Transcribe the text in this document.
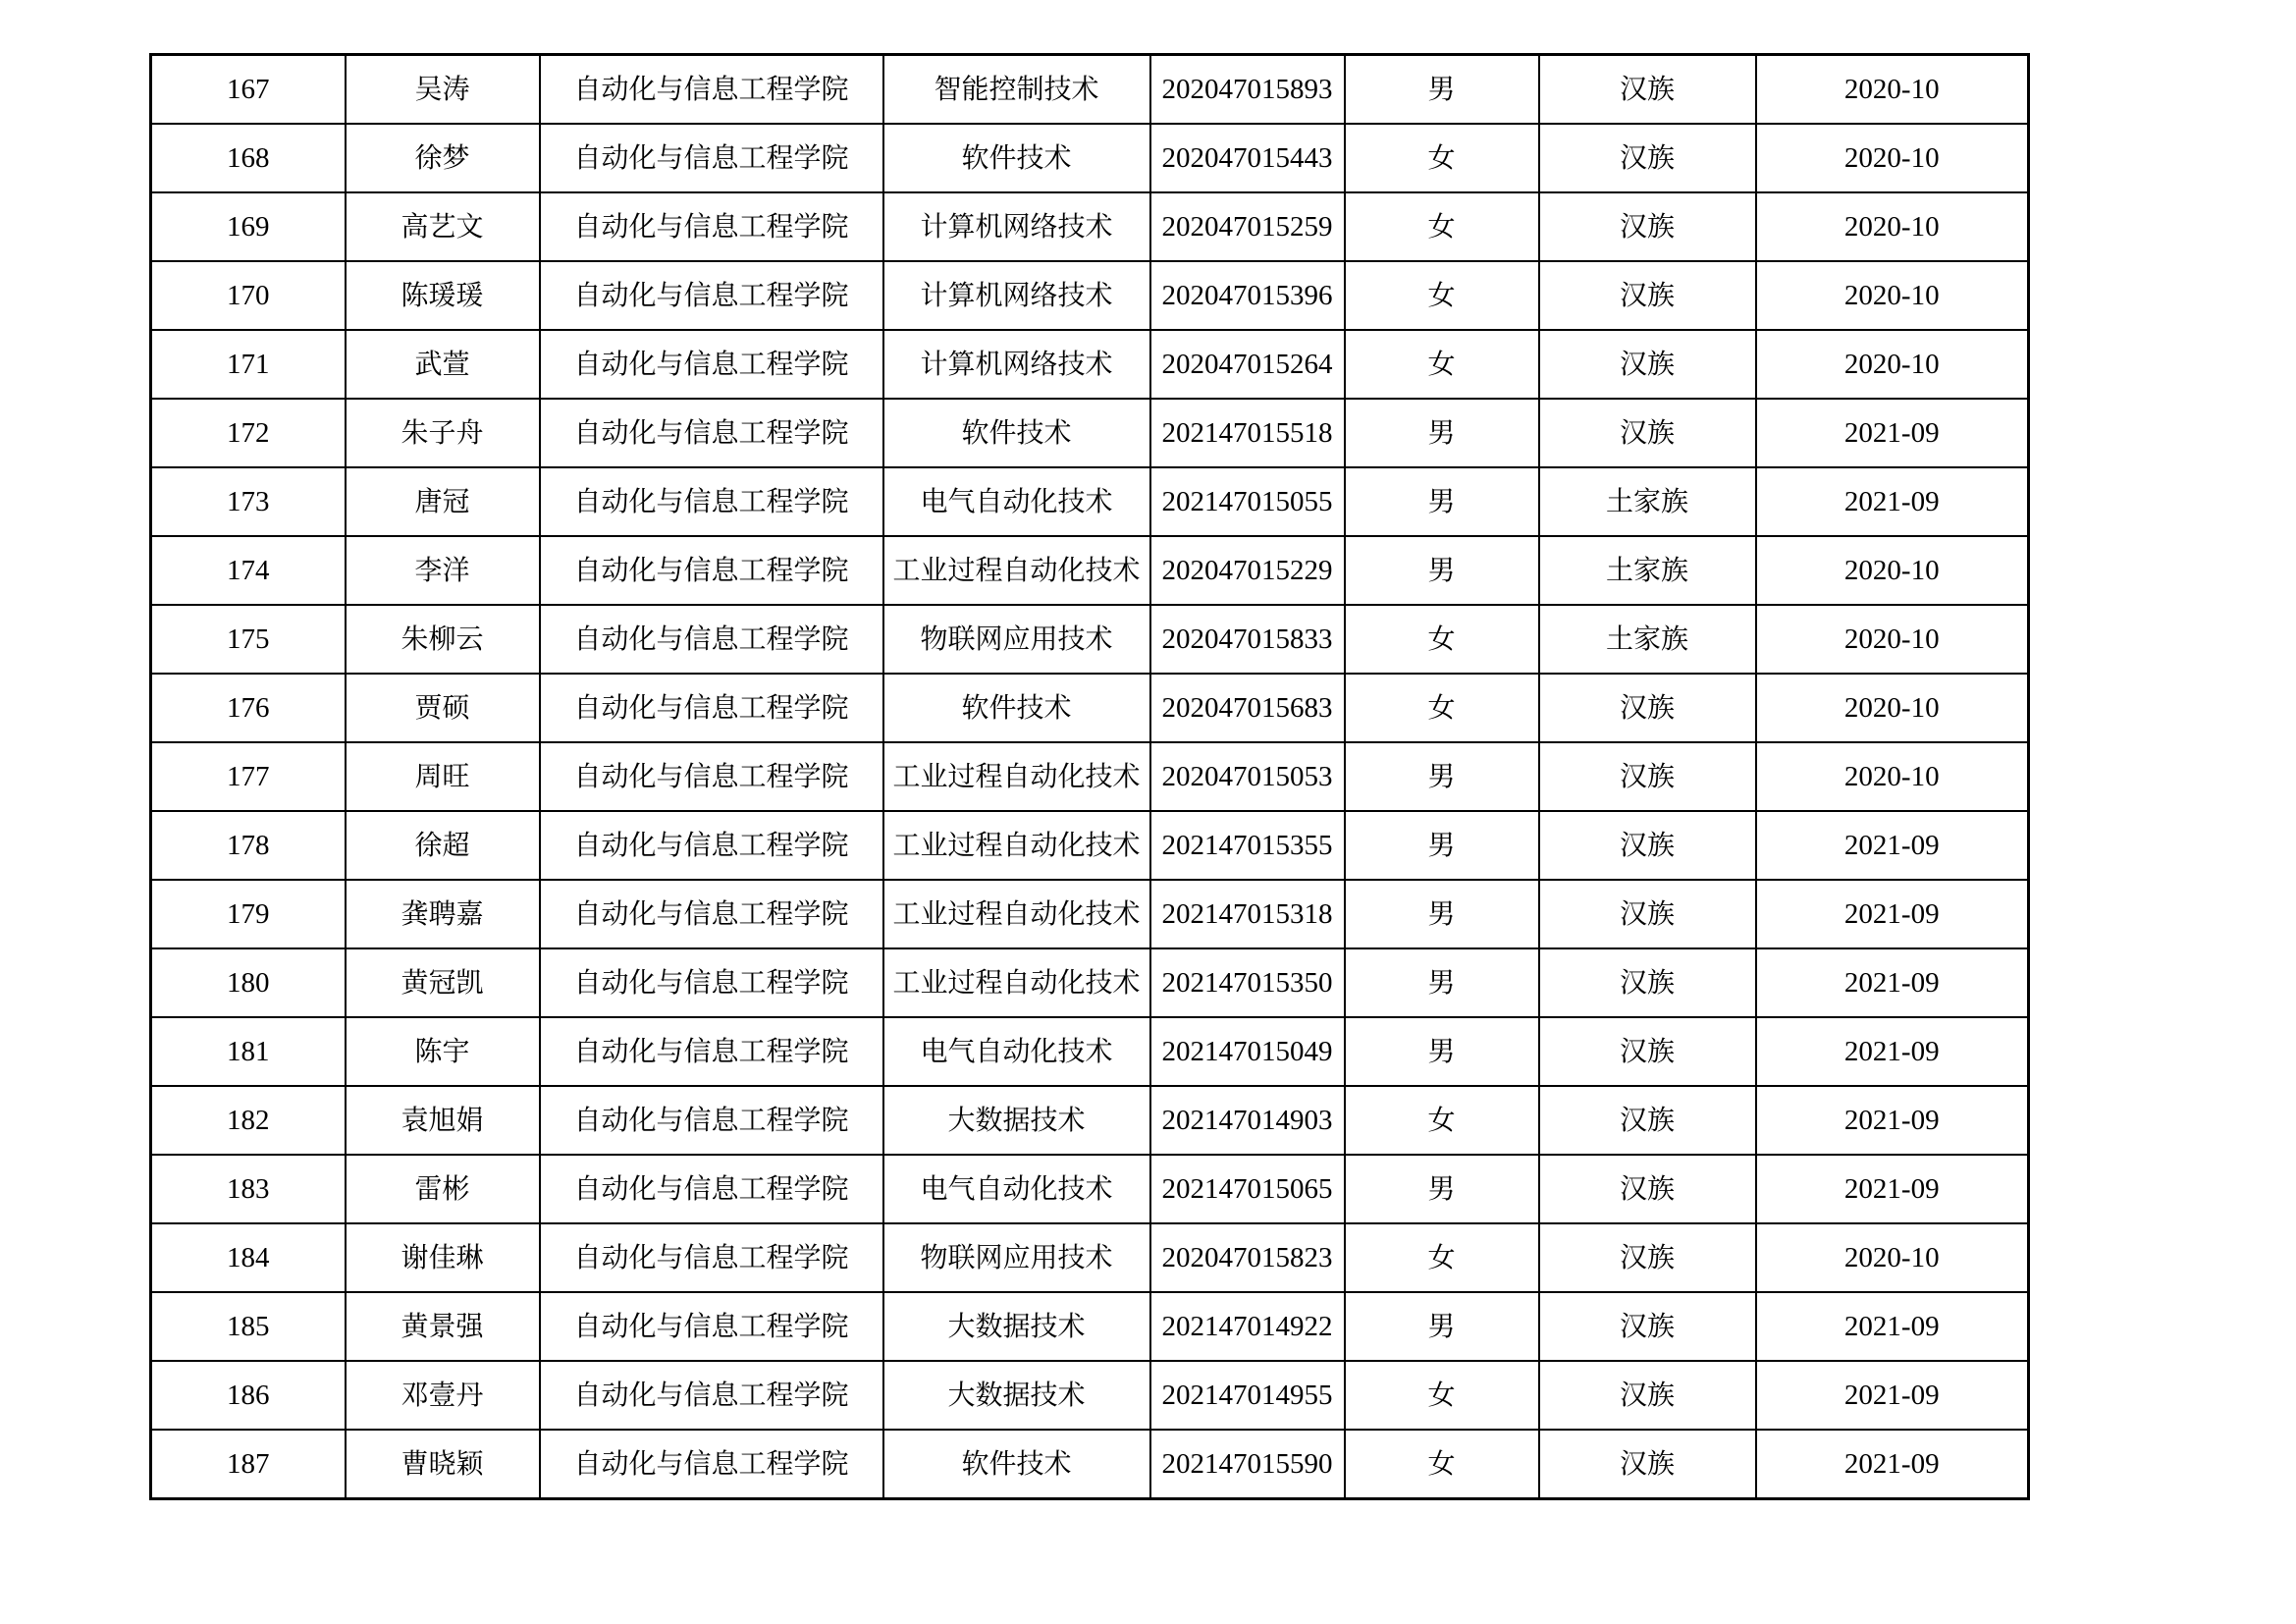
167	吴涛	自动化与信息工程学院	智能控制技术	202047015893	男	汉族	2020-10
168	徐梦	自动化与信息工程学院	软件技术	202047015443	女	汉族	2020-10
169	高艺文	自动化与信息工程学院	计算机网络技术	202047015259	女	汉族	2020-10
170	陈瑗瑗	自动化与信息工程学院	计算机网络技术	202047015396	女	汉族	2020-10
171	武萱	自动化与信息工程学院	计算机网络技术	202047015264	女	汉族	2020-10
172	朱子舟	自动化与信息工程学院	软件技术	202147015518	男	汉族	2021-09
173	唐冠	自动化与信息工程学院	电气自动化技术	202147015055	男	土家族	2021-09
174	李洋	自动化与信息工程学院	工业过程自动化技术	202047015229	男	土家族	2020-10
175	朱柳云	自动化与信息工程学院	物联网应用技术	202047015833	女	土家族	2020-10
176	贾硕	自动化与信息工程学院	软件技术	202047015683	女	汉族	2020-10
177	周旺	自动化与信息工程学院	工业过程自动化技术	202047015053	男	汉族	2020-10
178	徐超	自动化与信息工程学院	工业过程自动化技术	202147015355	男	汉族	2021-09
179	龚聘嘉	自动化与信息工程学院	工业过程自动化技术	202147015318	男	汉族	2021-09
180	黄冠凯	自动化与信息工程学院	工业过程自动化技术	202147015350	男	汉族	2021-09
181	陈宇	自动化与信息工程学院	电气自动化技术	202147015049	男	汉族	2021-09
182	袁旭娟	自动化与信息工程学院	大数据技术	202147014903	女	汉族	2021-09
183	雷彬	自动化与信息工程学院	电气自动化技术	202147015065	男	汉族	2021-09
184	谢佳琳	自动化与信息工程学院	物联网应用技术	202047015823	女	汉族	2020-10
185	黄景强	自动化与信息工程学院	大数据技术	202147014922	男	汉族	2021-09
186	邓壹丹	自动化与信息工程学院	大数据技术	202147014955	女	汉族	2021-09
187	曹晓颖	自动化与信息工程学院	软件技术	202147015590	女	汉族	2021-09
